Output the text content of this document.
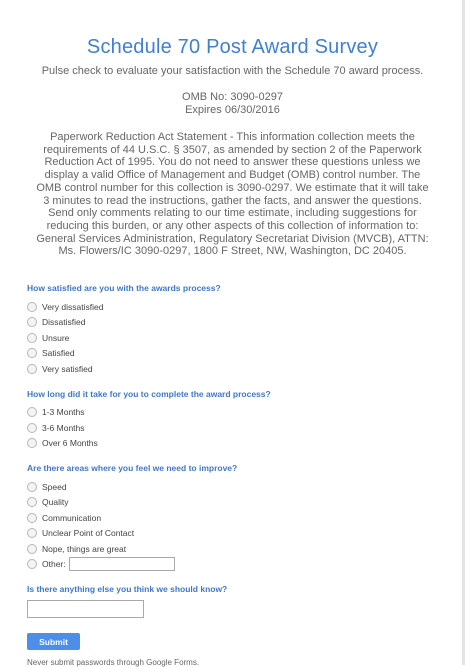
Schedule 70 Post Award Survey
Pulse check to evaluate your satisfaction with the Schedule 70 award process.
OMB No: 3090-0297
Expires 06/30/2016
Paperwork Reduction Act Statement - This information collection meets the requirements of 44 U.S.C. § 3507, as amended by section 2 of the Paperwork Reduction Act of 1995. You do not need to answer these questions unless we display a valid Office of Management and Budget (OMB) control number. The OMB control number for this collection is 3090-0297. We estimate that it will take 3 minutes to read the instructions, gather the facts, and answer the questions. Send only comments relating to our time estimate, including suggestions for reducing this burden, or any other aspects of this collection of information to: General Services Administration, Regulatory Secretariat Division (MVCB), ATTN: Ms. Flowers/IC 3090-0297, 1800 F Street, NW, Washington, DC 20405.
How satisfied are you with the awards process?
Very dissatisfied
Dissatisfied
Unsure
Satisfied
Very satisfied
How long did it take for you to complete the award process?
1-3 Months
3-6 Months
Over 6 Months
Are there areas where you feel we need to improve?
Speed
Quality
Communication
Unclear Point of Contact
Nope, things are great
Other:
Is there anything else you think we should know?
Submit
Never submit passwords through Google Forms.
